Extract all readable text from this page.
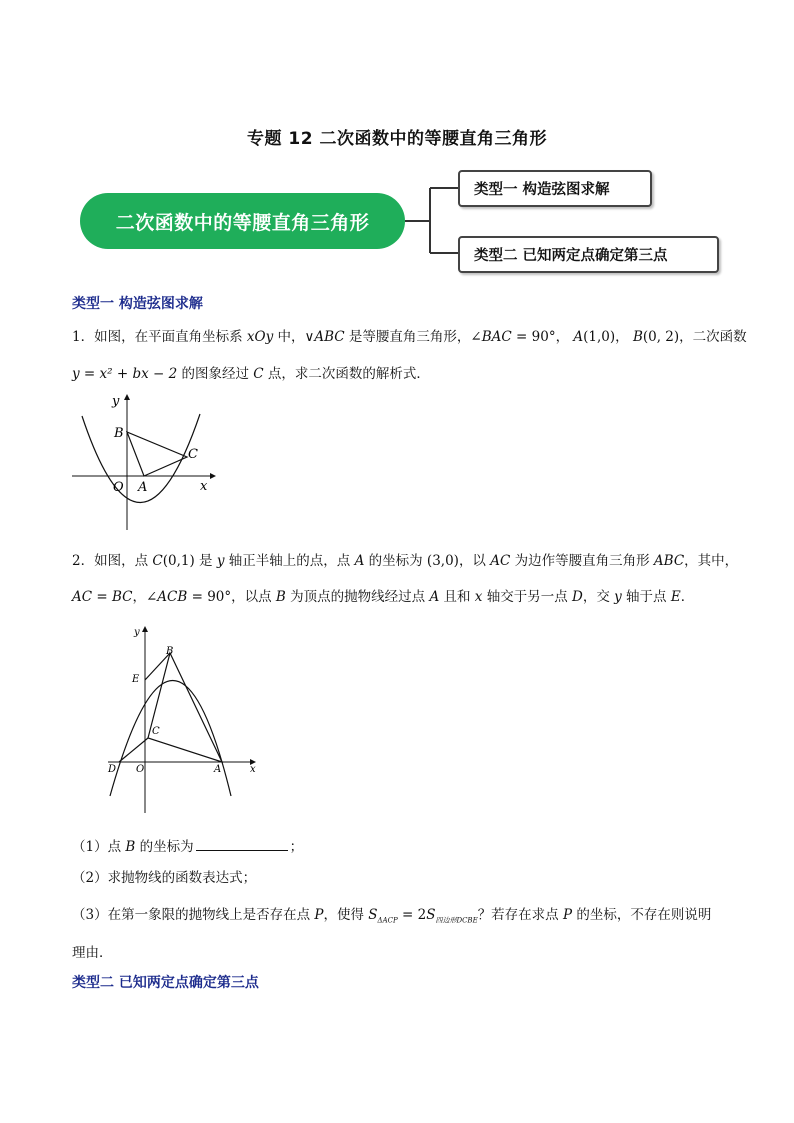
专题 12 二次函数中的等腰直角三角形
二次函数中的等腰直角三角形
类型一 构造弦图求解
类型二 已知两定点确定第三点
类型一 构造弦图求解
1．如图，在平面直角坐标系 xOy 中，∨ABC 是等腰直角三角形，∠BAC = 90°， A(1,0)， B(0, 2)，二次函数
y = x² + bx − 2 的图象经过 C 点，求二次函数的解析式．
y
x
B
C
O A
2．如图，点 C(0,1) 是 y 轴正半轴上的点，点 A 的坐标为 (3,0)，以 AC 为边作等腰直角三角形 ABC，其中，
AC = BC，∠ACB = 90°，以点 B 为顶点的抛物线经过点 A 且和 x 轴交于另一点 D，交 y 轴于点 E．
y
x
B
E
C
D O	A
（1）点 B 的坐标为	；
（2）求抛物线的函数表达式；
（3）在第一象限的抛物线上是否存在点 P，使得 $S_{\Delta ACP} = 2S_{四边形DCBE}$？若存在求点 P 的坐标，不存在则说明
理由．
类型二 已知两定点确定第三点
